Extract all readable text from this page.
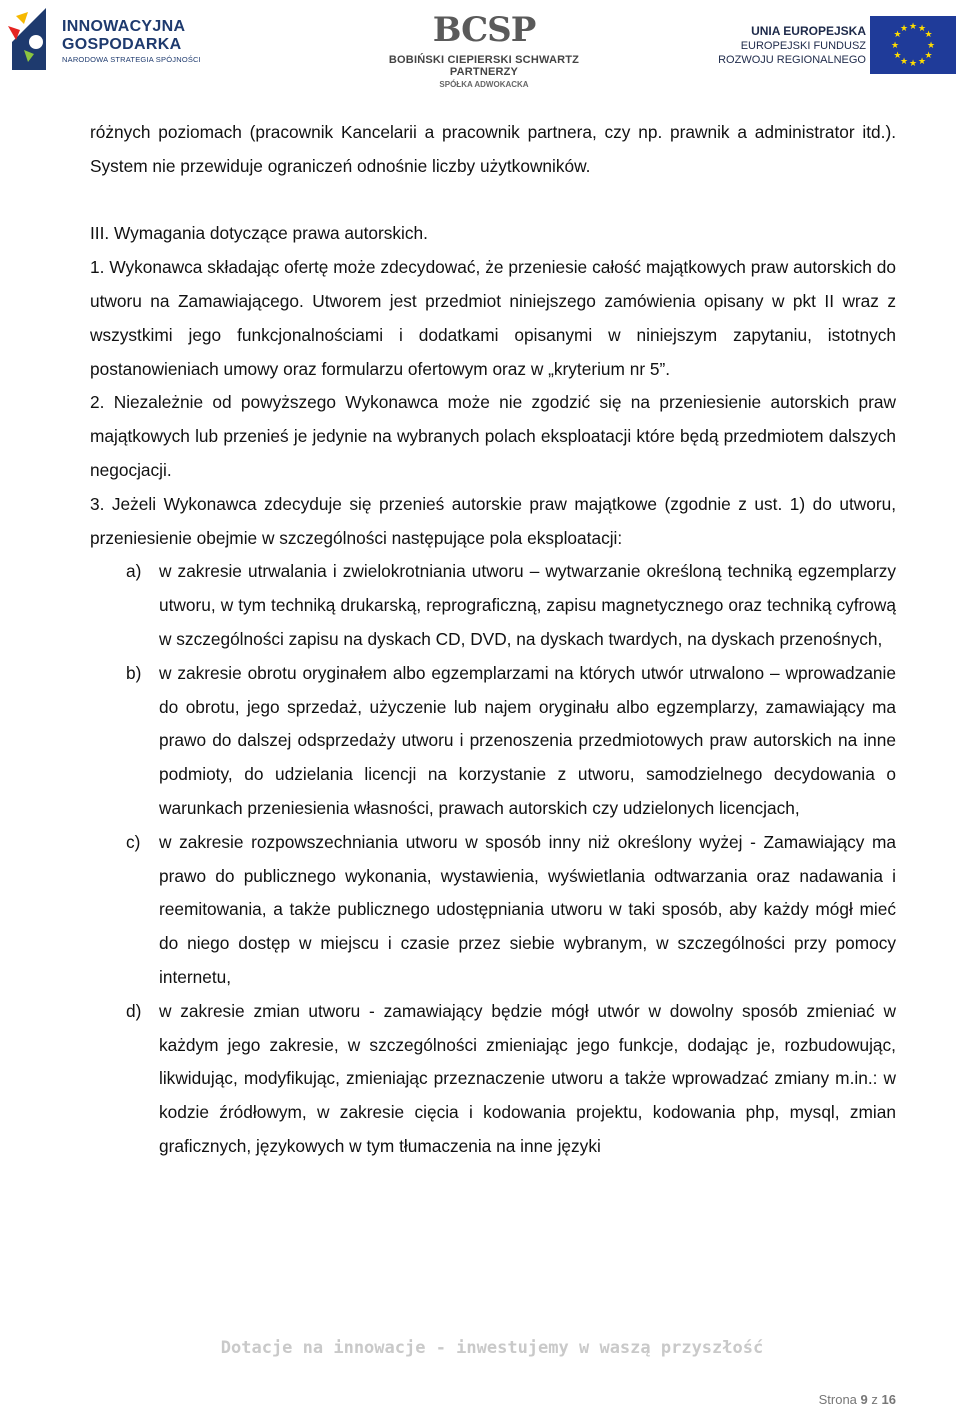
INNOWACYJNA
GOSPODARKA
NARODOWA STRATEGIA SPÓJNOŚCI
BCSP
BOBIŃSKI CIEPIERSKI SCHWARTZ PARTNERZY
SPÓŁKA ADWOKACKA
UNIA EUROPEJSKA
EUROPEJSKI FUNDUSZ
ROZWOJU REGIONALNEGO
★ ★
★
★
★
★
★
★
★
★
★
★

różnych poziomach (pracownik Kancelarii a pracownik partnera, czy np. prawnik a administrator itd.). System nie przewiduje ograniczeń odnośnie liczby użytkowników.

III. Wymagania dotyczące prawa autorskich.

1. Wykonawca składając ofertę może zdecydować, że przeniesie całość majątkowych praw autorskich do utworu na Zamawiającego. Utworem jest przedmiot niniejszego zamówienia opisany w pkt II wraz z wszystkimi jego funkcjonalnościami i dodatkami opisanymi w niniejszym zapytaniu, istotnych postanowieniach umowy oraz formularzu ofertowym oraz w „kryterium nr 5”.

2. Niezależnie od powyższego Wykonawca może nie zgodzić się na przeniesienie autorskich praw majątkowych lub przenieś je jedynie na wybranych polach eksploatacji które będą przedmiotem dalszych negocjacji.

3. Jeżeli Wykonawca zdecyduje się przenieś autorskie praw majątkowe (zgodnie z ust. 1) do utworu, przeniesienie obejmie w szczególności następujące pola eksploatacji:

a) w zakresie utrwalania i zwielokrotniania utworu – wytwarzanie określoną techniką egzemplarzy utworu, w tym techniką drukarską, reprograficzną, zapisu magnetycznego oraz techniką cyfrową w szczególności zapisu na dyskach CD, DVD, na dyskach twardych, na dyskach przenośnych,
b) w zakresie obrotu oryginałem albo egzemplarzami na których utwór utrwalono – wprowadzanie do obrotu, jego sprzedaż, użyczenie lub najem oryginału albo egzemplarzy, zamawiający ma prawo do dalszej odsprzedaży utworu i przenoszenia przedmiotowych praw autorskich na inne podmioty, do udzielania licencji na korzystanie z utworu, samodzielnego decydowania o warunkach przeniesienia własności, prawach autorskich czy udzielonych licencjach,
c) w zakresie rozpowszechniania utworu w sposób inny niż określony wyżej - Zamawiający ma prawo do publicznego wykonania, wystawienia, wyświetlania odtwarzania oraz nadawania i reemitowania, a także publicznego udostępniania utworu w taki sposób, aby każdy mógł mieć do niego dostęp w miejscu i czasie przez siebie wybranym, w szczególności przy pomocy internetu,
d) w zakresie zmian utworu - zamawiający będzie mógł utwór w dowolny sposób zmieniać w każdym jego zakresie, w szczególności zmieniając jego funkcje, dodając je, rozbudowując, likwidując, modyfikując, zmieniając przeznaczenie utworu a także wprowadzać zmiany m.in.: w kodzie źródłowym, w zakresie cięcia i kodowania projektu, kodowania php, mysql, zmian graficznych, językowych w tym tłumaczenia na inne języki
Dotacje na innowacje - inwestujemy w waszą przyszłość
Strona 9 z 16
